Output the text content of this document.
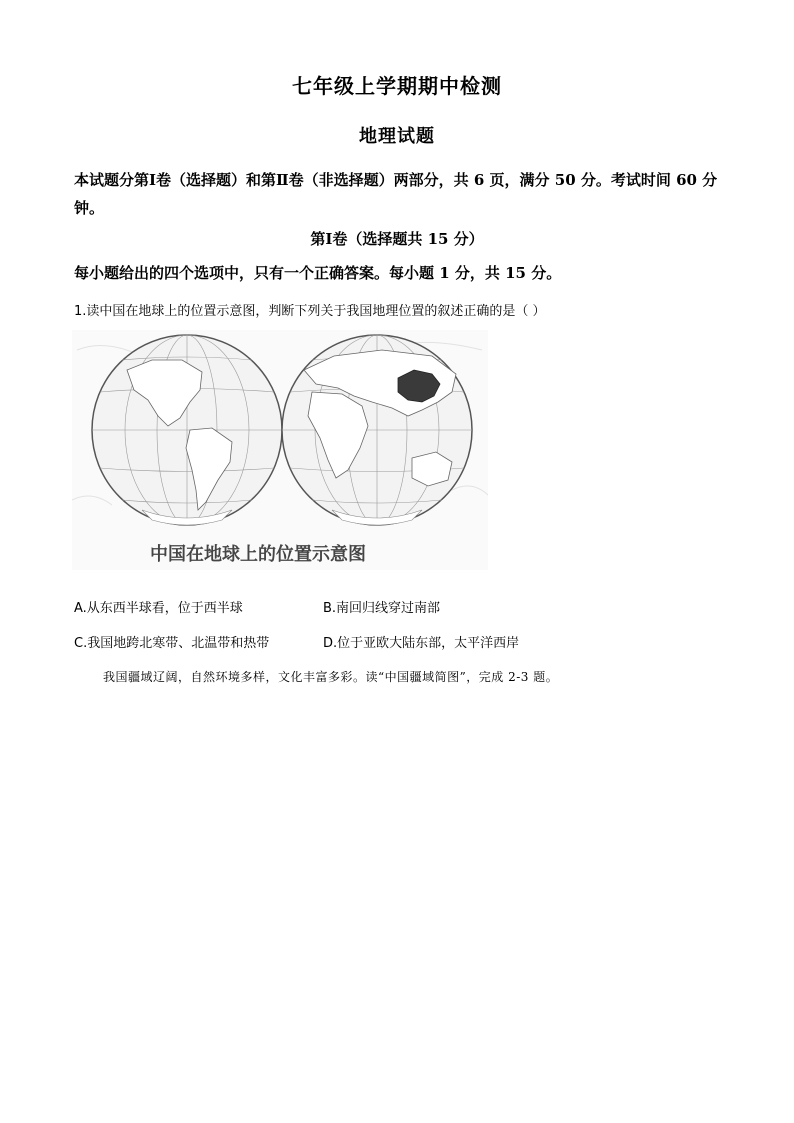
七年级上学期期中检测
地理试题
本试题分第Ⅰ卷（选择题）和第Ⅱ卷（非选择题）两部分，共 6 页，满分 50 分。考试时间 60 分钟。
第Ⅰ卷（选择题共 15 分）
每小题给出的四个选项中，只有一个正确答案。每小题 1 分，共 15 分。
1.读中国在地球上的位置示意图，判断下列关于我国地理位置的叙述正确的是（ ）
中国在地球上的位置示意图
A.从东西半球看，位于西半球	B.南回归线穿过南部
C.我国地跨北寒带、北温带和热带	D.位于亚欧大陆东部，太平洋西岸
我国疆域辽阔，自然环境多样，文化丰富多彩。读“中国疆域简图”，完成 2-3 题。
